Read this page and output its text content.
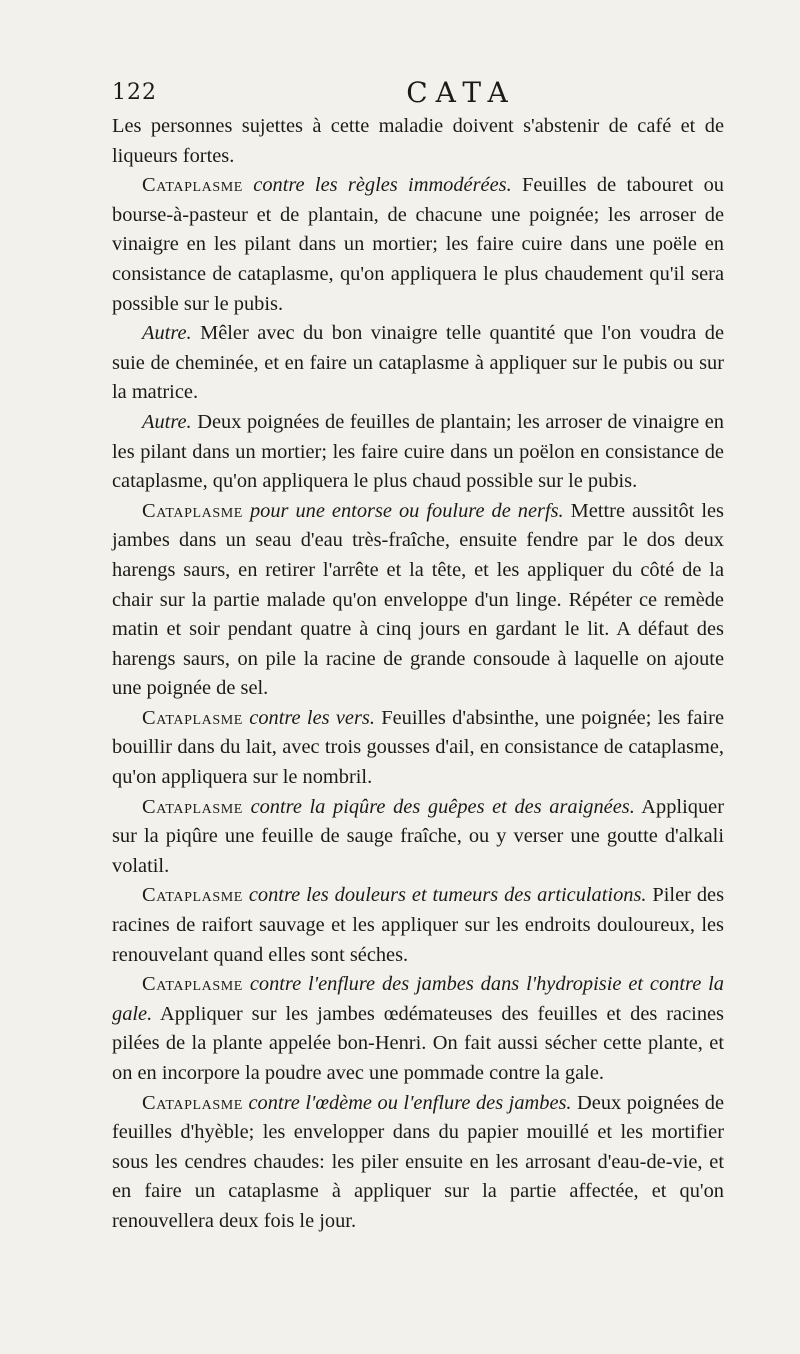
122	CATA

Les personnes sujettes à cette maladie doivent s'abstenir de café et de liqueurs fortes.

Cataplasme contre les règles immodérées. Feuilles de tabouret ou bourse-à-pasteur et de plantain, de chacune une poignée; les arroser de vinaigre en les pilant dans un mortier; les faire cuire dans une poële en consistance de cataplasme, qu'on appliquera le plus chaudement qu'il sera possible sur le pubis.

Autre. Mêler avec du bon vinaigre telle quantité que l'on voudra de suie de cheminée, et en faire un cataplasme à appliquer sur le pubis ou sur la matrice.

Autre. Deux poignées de feuilles de plantain; les arroser de vinaigre en les pilant dans un mortier; les faire cuire dans un poëlon en consistance de cataplasme, qu'on appliquera le plus chaud possible sur le pubis.

Cataplasme pour une entorse ou foulure de nerfs. Mettre aussitôt les jambes dans un seau d'eau très-fraîche, ensuite fendre par le dos deux harengs saurs, en retirer l'arrête et la tête, et les appliquer du côté de la chair sur la partie malade qu'on enveloppe d'un linge. Répéter ce remède matin et soir pendant quatre à cinq jours en gardant le lit. A défaut des harengs saurs, on pile la racine de grande consoude à laquelle on ajoute une poignée de sel.

Cataplasme contre les vers. Feuilles d'absinthe, une poignée; les faire bouillir dans du lait, avec trois gousses d'ail, en consistance de cataplasme, qu'on appliquera sur le nombril.

Cataplasme contre la piqûre des guêpes et des araignées. Appliquer sur la piqûre une feuille de sauge fraîche, ou y verser une goutte d'alkali volatil.

Cataplasme contre les douleurs et tumeurs des articulations. Piler des racines de raifort sauvage et les appliquer sur les endroits douloureux, les renouvelant quand elles sont séches.

Cataplasme contre l'enflure des jambes dans l'hydropisie et contre la gale. Appliquer sur les jambes œdémateuses des feuilles et des racines pilées de la plante appelée bon-Henri. On fait aussi sécher cette plante, et on en incorpore la poudre avec une pommade contre la gale.

Cataplasme contre l'œdème ou l'enflure des jambes. Deux poignées de feuilles d'hyèble; les envelopper dans du papier mouillé et les mortifier sous les cendres chaudes: les piler ensuite en les arrosant d'eau-de-vie, et en faire un cataplasme à appliquer sur la partie affectée, et qu'on renouvellera deux fois le jour.
